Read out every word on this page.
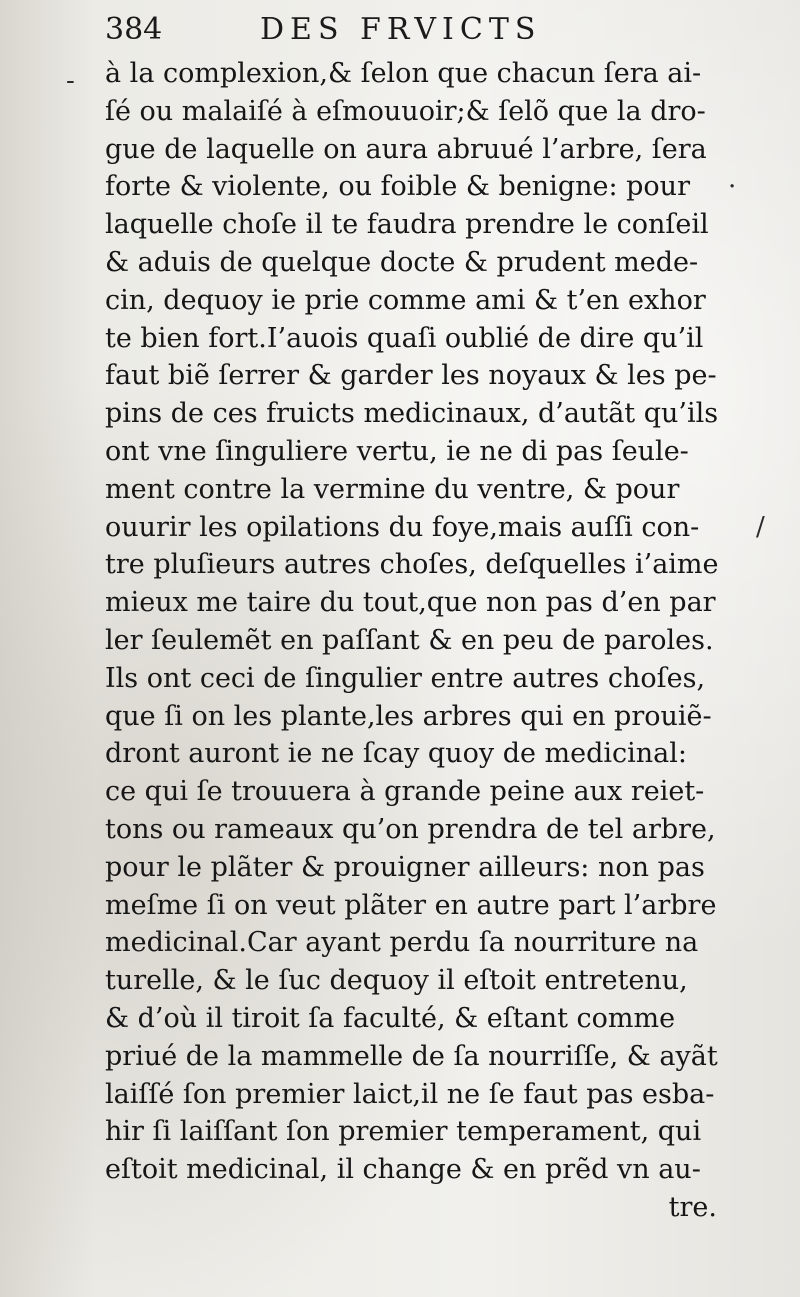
384	DES FRVICTS
-
·
/
à la complexion,& ſelon que chacun ſera ai-
ſé ou malaiſé à eſmouuoir;& ſelõ que la dro-
gue de laquelle on aura abruué l’arbre, ſera
forte & violente, ou foible & benigne: pour
laquelle choſe il te faudra prendre le conſeil
& aduis de quelque docte & prudent mede-
cin, dequoy ie prie comme ami & t’en exhor
te bien fort.I’auois quaſi oublié de dire qu’il
faut biẽ ſerrer & garder les noyaux & les pe-
pins de ces fruicts medicinaux, d’autãt qu’ils
ont vne ſinguliere vertu, ie ne di pas ſeule-
ment contre la vermine du ventre, & pour
ouurir les opilations du foye,mais auſſi con-
tre pluſieurs autres choſes, deſquelles i’aime
mieux me taire du tout,que non pas d’en par
ler ſeulemẽt en paſſant & en peu de paroles.
Ils ont ceci de ſingulier entre autres choſes,
que ſi on les plante,les arbres qui en prouiẽ-
dront auront ie ne ſcay quoy de medicinal:
ce qui ſe trouuera à grande peine aux reiet-
tons ou rameaux qu’on prendra de tel arbre,
pour le plãter & prouigner ailleurs: non pas
meſme ſi on veut plãter en autre part l’arbre
medicinal.Car ayant perdu ſa nourriture na
turelle, & le ſuc dequoy il eſtoit entretenu,
& d’où il tiroit ſa faculté, & eſtant comme
priué de la mammelle de ſa nourriſſe, & ayãt
laiſſé ſon premier laict,il ne ſe faut pas esba-
hir ſi laiſſant ſon premier temperament, qui
eſtoit medicinal, il change & en prẽd vn au-
tre.
